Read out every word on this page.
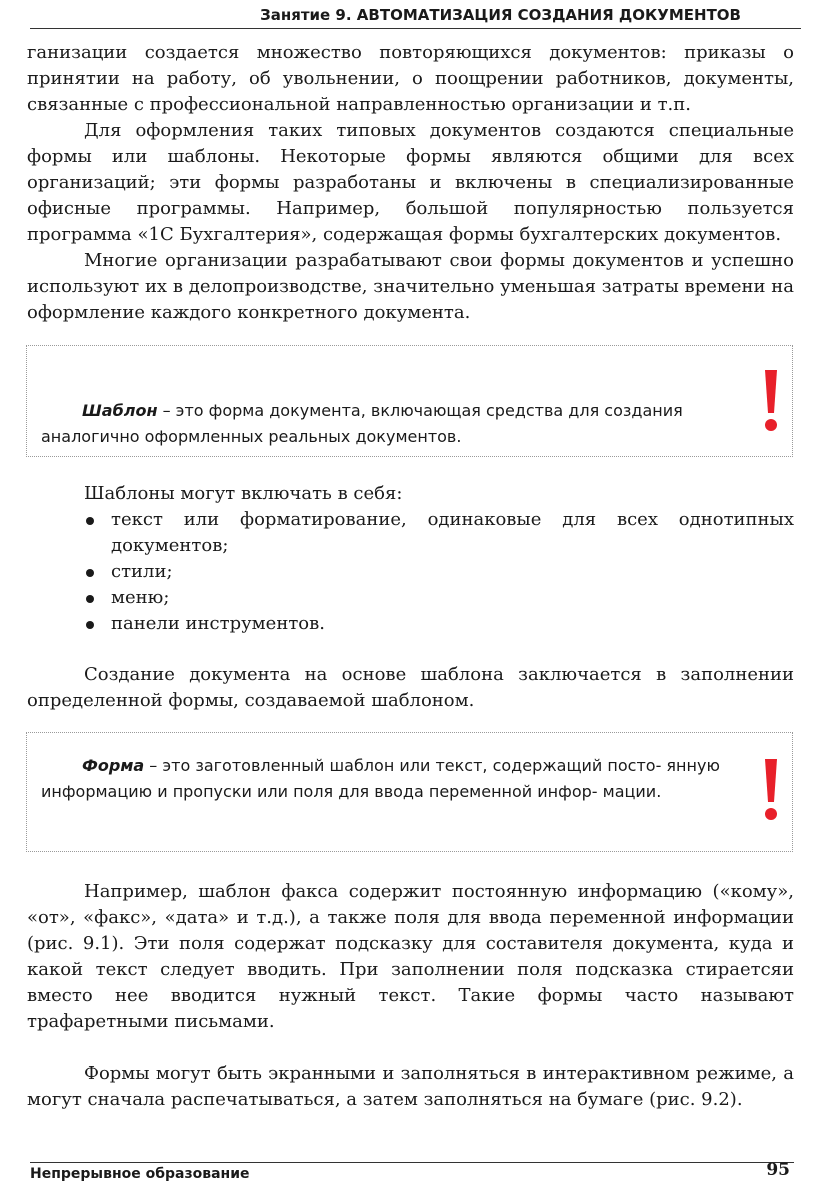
Занятие 9. АВТОМАТИЗАЦИЯ СОЗДАНИЯ ДОКУМЕНТОВ

ганизации создается множество повторяющихся документов: приказы о принятии на работу, об увольнении, о поощрении работников, документы, связанные с профессиональной направленностью организации и т.п.

Для оформления таких типовых документов создаются специальные формы или шаблоны. Некоторые формы являются общими для всех организаций; эти формы разработаны и включены в специализированные офисные программы. Например, большой популярностью пользуется программа «1С Бухгалтерия», содержащая формы бухгалтерских документов.

Многие организации разрабатывают свои формы документов и успешно используют их в делопроизводстве, значительно уменьшая затраты времени на оформление каждого конкретного документа.

Шаблон – это форма документа, включающая средства для создания аналогично оформленных реальных документов.

Шаблоны могут включать в себя:

текст или форматирование, одинаковые для всех однотипных документов;
стили;
меню;
панели инструментов.

Создание документа на основе шаблона заключается в заполнении определенной формы, создаваемой шаблоном.

Форма – это заготовленный шаблон или текст, содержащий посто- янную информацию и пропуски или поля для ввода переменной инфор- мации.

Например, шаблон факса содержит постоянную информацию («кому», «от», «факс», «дата» и т.д.), а также поля для ввода переменной информации (рис. 9.1). Эти поля содержат подсказку для составителя документа, куда и какой текст следует вводить. При заполнении поля подсказка стираетсяи вместо нее вводится нужный текст. Такие формы часто называют трафаретными письмами.

Формы могут быть экранными и заполняться в интерактивном режиме, а могут сначала распечатываться, а затем заполняться на бумаге (рис. 9.2).

Непрерывное образование	95
